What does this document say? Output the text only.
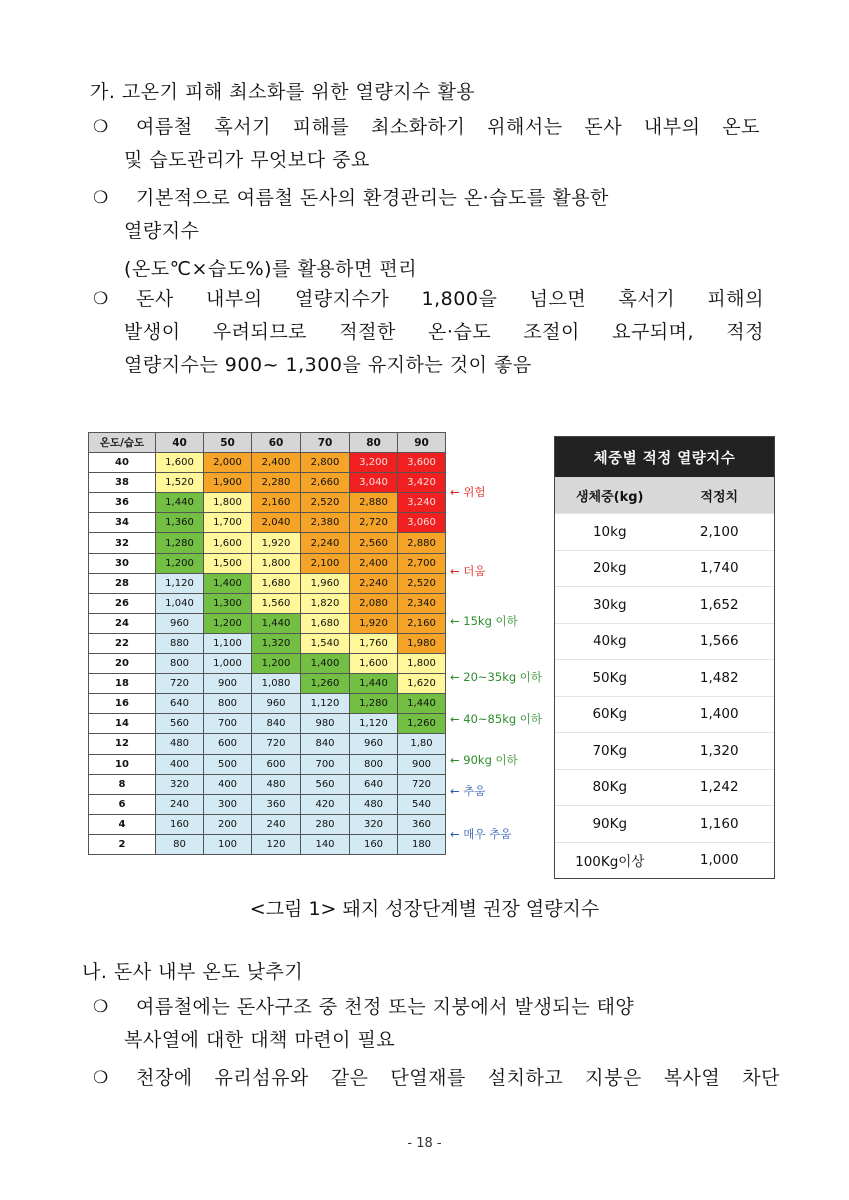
가. 고온기 피해 최소화를 위한 열량지수 활용
❍ 여름철 혹서기 피해를 최소화하기 위해서는 돈사 내부의 온도
및 습도관리가 무엇보다 중요
❍ 기본적으로 여름철 돈사의 환경관리는 온·습도를 활용한
열량지수
(온도℃×습도%)를 활용하면 편리
❍ 돈사 내부의 열량지수가 1,800을 넘으면 혹서기 피해의
발생이 우려되므로 적절한 온·습도 조절이 요구되며, 적정
열량지수는 900~ 1,300을 유지하는 것이 좋음
온도/습도	40	50	60	70	80	90
40	1,600	2,000	2,400	2,800	3,200	3,600
38	1,520	1,900	2,280	2,660	3,040	3,420
36	1,440	1,800	2,160	2,520	2,880	3,240
34	1,360	1,700	2,040	2,380	2,720	3,060
32	1,280	1,600	1,920	2,240	2,560	2,880
30	1,200	1,500	1,800	2,100	2,400	2,700
28	1,120	1,400	1,680	1,960	2,240	2,520
26	1,040	1,300	1,560	1,820	2,080	2,340
24	960	1,200	1,440	1,680	1,920	2,160
22	880	1,100	1,320	1,540	1,760	1,980
20	800	1,000	1,200	1,400	1,600	1,800
18	720	900	1,080	1,260	1,440	1,620
16	640	800	960	1,120	1,280	1,440
14	560	700	840	980	1,120	1,260
12	480	600	720	840	960	1,80
10	400	500	600	700	800	900
8	320	400	480	560	640	720
6	240	300	360	420	480	540
4	160	200	240	280	320	360
2	80	100	120	140	160	180
← 위험
← 더움
← 15kg 이하
← 20~35kg 이하
← 40~85kg 이하
← 90kg 이하
← 추움
← 매우 추움
체중별 적정 열량지수
생체중(kg)	적정치
10kg	2,100
20kg	1,740
30kg	1,652
40kg	1,566
50Kg	1,482
60Kg	1,400
70Kg	1,320
80Kg	1,242
90Kg	1,160
100Kg이상	1,000
<그림 1> 돼지 성장단계별 권장 열량지수
나. 돈사 내부 온도 낮추기
❍ 여름철에는 돈사구조 중 천정 또는 지붕에서 발생되는 태양
복사열에 대한 대책 마련이 필요
❍ 천장에 유리섬유와 같은 단열재를 설치하고 지붕은 복사열 차단
- 18 -
